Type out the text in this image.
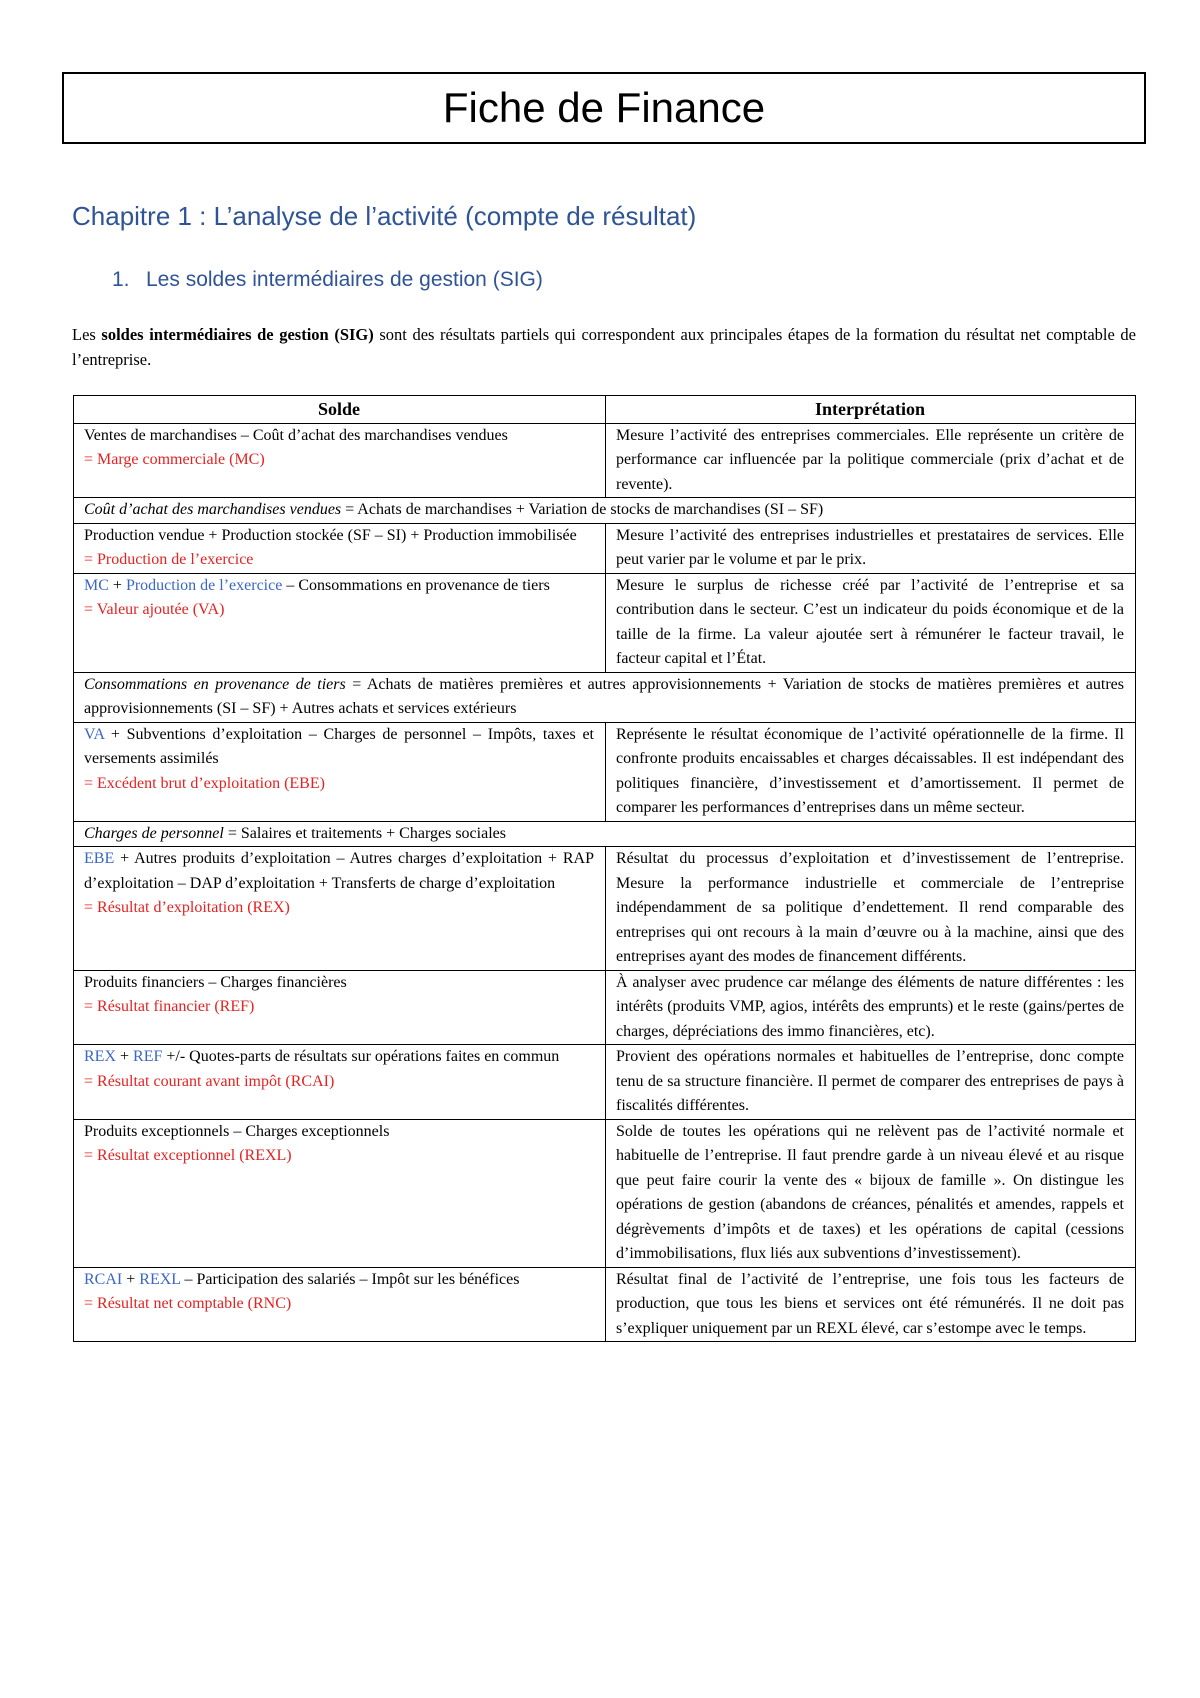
Fiche de Finance
Chapitre 1 : L’analyse de l’activité (compte de résultat)
1. Les soldes intermédiaires de gestion (SIG)

Les soldes intermédiaires de gestion (SIG) sont des résultats partiels qui correspondent aux principales étapes de la formation du résultat net comptable de l’entreprise.

Solde	Interprétation
Ventes de marchandises – Coût d’achat des marchandises vendues
= Marge commerciale (MC)	Mesure l’activité des entreprises commerciales. Elle représente un critère de performance car influencée par la politique commerciale (prix d’achat et de revente).
Coût d’achat des marchandises vendues = Achats de marchandises + Variation de stocks de marchandises (SI – SF)	
Production vendue + Production stockée (SF – SI) + Production immobilisée
= Production de l’exercice	Mesure l’activité des entreprises industrielles et prestataires de services. Elle peut varier par le volume et par le prix.
MC + Production de l’exercice – Consommations en provenance de tiers
= Valeur ajoutée (VA)	Mesure le surplus de richesse créé par l’activité de l’entreprise et sa contribution dans le secteur. C’est un indicateur du poids économique et de la taille de la firme. La valeur ajoutée sert à rémunérer le facteur travail, le facteur capital et l’État.
Consommations en provenance de tiers = Achats de matières premières et autres approvisionnements + Variation de stocks de matières premières et autres approvisionnements (SI – SF) + Autres achats et services extérieurs	
VA + Subventions d’exploitation – Charges de personnel – Impôts, taxes et versements assimilés
= Excédent brut d’exploitation (EBE)	Représente le résultat économique de l’activité opérationnelle de la firme. Il confronte produits encaissables et charges décaissables. Il est indépendant des politiques financière, d’investissement et d’amortissement. Il permet de comparer les performances d’entreprises dans un même secteur.
Charges de personnel = Salaires et traitements + Charges sociales	
EBE + Autres produits d’exploitation – Autres charges d’exploitation + RAP d’exploitation – DAP d’exploitation + Transferts de charge d’exploitation
= Résultat d’exploitation (REX)	Résultat du processus d’exploitation et d’investissement de l’entreprise. Mesure la performance industrielle et commerciale de l’entreprise indépendamment de sa politique d’endettement. Il rend comparable des entreprises qui ont recours à la main d’œuvre ou à la machine, ainsi que des entreprises ayant des modes de financement différents.
Produits financiers – Charges financières
= Résultat financier (REF)	À analyser avec prudence car mélange des éléments de nature différentes : les intérêts (produits VMP, agios, intérêts des emprunts) et le reste (gains/pertes de charges, dépréciations des immo financières, etc).
REX + REF +/- Quotes-parts de résultats sur opérations faites en commun
= Résultat courant avant impôt (RCAI)	Provient des opérations normales et habituelles de l’entreprise, donc compte tenu de sa structure financière. Il permet de comparer des entreprises de pays à fiscalités différentes.
Produits exceptionnels – Charges exceptionnels
= Résultat exceptionnel (REXL)	Solde de toutes les opérations qui ne relèvent pas de l’activité normale et habituelle de l’entreprise. Il faut prendre garde à un niveau élevé et au risque que peut faire courir la vente des « bijoux de famille ». On distingue les opérations de gestion (abandons de créances, pénalités et amendes, rappels et dégrèvements d’impôts et de taxes) et les opérations de capital (cessions d’immobilisations, flux liés aux subventions d’investissement).
RCAI + REXL – Participation des salariés – Impôt sur les bénéfices
= Résultat net comptable (RNC)	Résultat final de l’activité de l’entreprise, une fois tous les facteurs de production, que tous les biens et services ont été rémunérés. Il ne doit pas s’expliquer uniquement par un REXL élevé, car s’estompe avec le temps.
